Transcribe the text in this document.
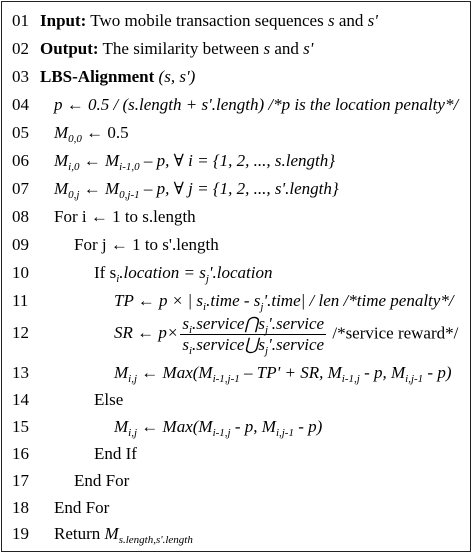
01 Input: Two mobile transaction sequences s and s'
02 Output: The similarity between s and s'
03 LBS-Alignment (s, s')
04 p ← 0.5 / (s.length + s'.length) /*p is the location penalty*/
05 $M_{0,0}$ ← 0.5
06 $M_{i,0}$ ← $M_{i-1,0}$ – p, ∀ i = {1, 2, ..., s.length}
07 $M_{0,j}$ ← $M_{0,j-1}$ – p, ∀ j = {1, 2, ..., s'.length}
08 For i ← 1 to s.length
09	For j ← 1 to s'.length
10	If $s_i.location$ = $s_j'.location$
11	TP ← p × | $s_i.time$ - $s_j'.time|$ / len /*time penalty*/
12	SR ← $p\times \frac{s_i.service⋂s_j'.service}{s_i.service⋃s_j'.service}$ /*service reward*/
13	$M_{i,j}$ ← $Max(M_{i-1,j-1}$ – TP' + SR, $M_{i-1,j}$ - p, $M_{i,j-1} - p$)
14	Else
15	$M_{i,j}$ ← $Max(M_{i-1,j}$ - p, $M_{i,j-1} - p$)
16	End If
17	End For
18 End For
19 Return $M_{s.length,s'.length}$
